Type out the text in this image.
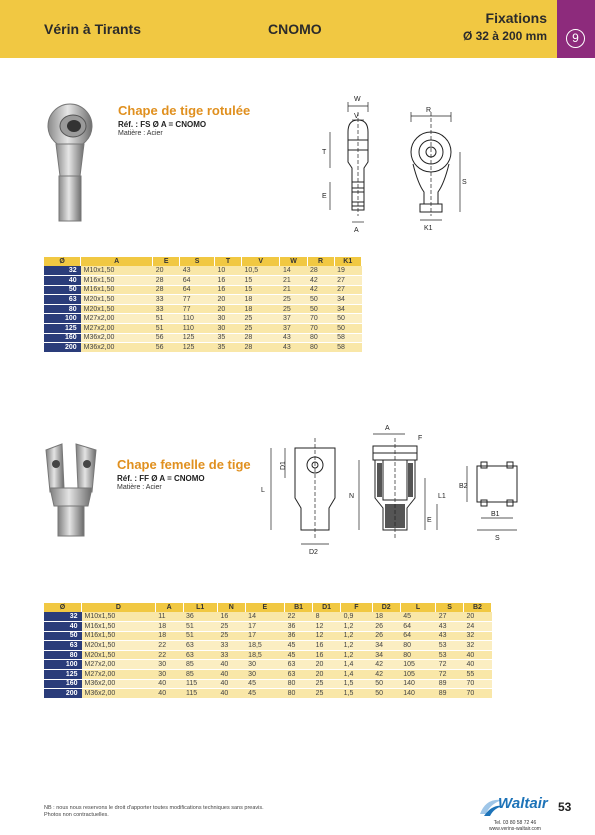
Vérin à Tirants	CNOMO
Fixations
Ø 32 à 200 mm	9
Chape de tige rotulée
Réf. : FS Ø A = CNOMO
Matière : Acier
W
V
R
T
E
S
A	K1
Ø	A	E	S	T	V	W	R	K1
32	M10x1,50	20	43	10	10,5	14	28	19
40	M16x1,50	28	64	16	15	21	42	27
50	M16x1,50	28	64	16	15	21	42	27
63	M20x1,50	33	77	20	18	25	50	34
80	M20x1,50	33	77	20	18	25	50	34
100	M27x2,00	51	110	30	25	37	70	50
125	M27x2,00	51	110	30	25	37	70	50
160	M36x2,00	56	125	35	28	43	80	58
200	M36x2,00	56	125	35	28	43	80	58
Chape femelle de tige
Réf. : FF Ø A = CNOMO
Matière : Acier
D1
L
D2
A
F
N
E
L1
B2
B1
S
Ø	D	A	L1	N	E	B1	D1	F	D2	L	S	B2
32	M10x1,50	11	36	16	14	22	8	0,9	18	45	27	20
40	M16x1,50	18	51	25	17	36	12	1,2	26	64	43	24
50	M16x1,50	18	51	25	17	36	12	1,2	26	64	43	32
63	M20x1,50	22	63	33	18,5	45	16	1,2	34	80	53	32
80	M20x1,50	22	63	33	18,5	45	16	1,2	34	80	53	40
100	M27x2,00	30	85	40	30	63	20	1,4	42	105	72	40
125	M27x2,00	30	85	40	30	63	20	1,4	42	105	72	55
160	M36x2,00	40	115	40	45	80	25	1,5	50	140	89	70
200	M36x2,00	40	115	40	45	80	25	1,5	50	140	89	70
NB : nous nous reservons le droit d'apporter toutes modifications techniques sans preavis.
Photos non contractuelles.
Waltair
Tel. 03 80 58 72 46
www.verins-waltair.com
53
